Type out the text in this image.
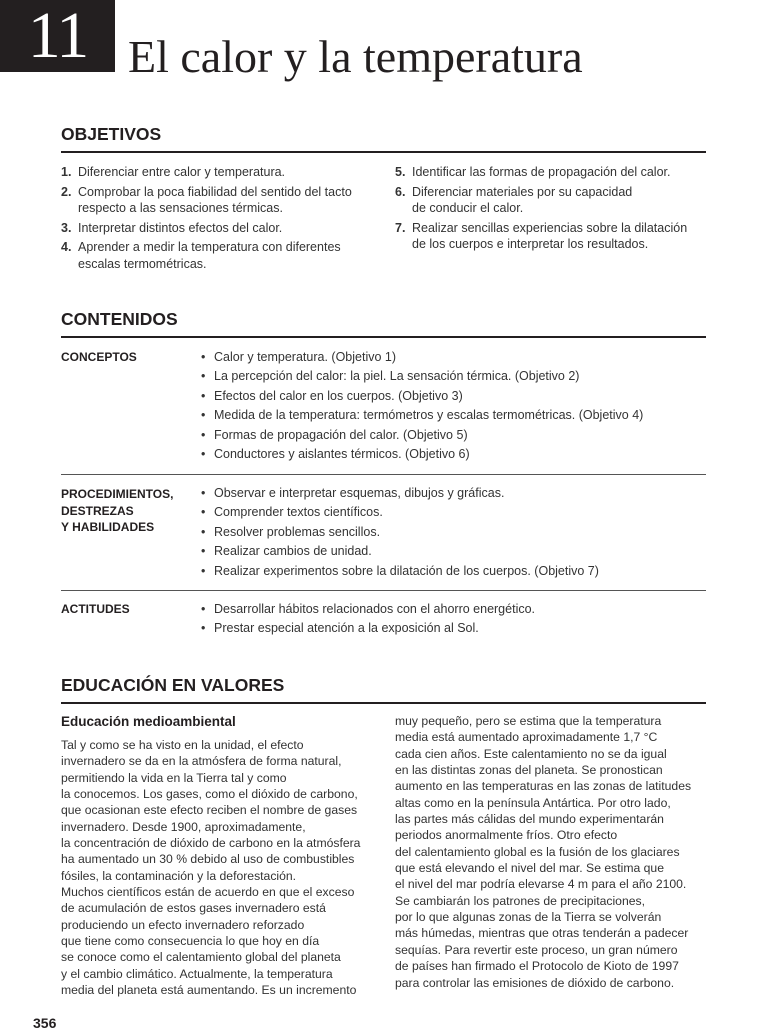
11 El calor y la temperatura
OBJETIVOS
1. Diferenciar entre calor y temperatura.
2. Comprobar la poca fiabilidad del sentido del tacto respecto a las sensaciones térmicas.
3. Interpretar distintos efectos del calor.
4. Aprender a medir la temperatura con diferentes escalas termométricas.
5. Identificar las formas de propagación del calor.
6. Diferenciar materiales por su capacidad de conducir el calor.
7. Realizar sencillas experiencias sobre la dilatación de los cuerpos e interpretar los resultados.
CONTENIDOS
CONCEPTOS	• Calor y temperatura. (Objetivo 1)
• La percepción del calor: la piel. La sensación térmica. (Objetivo 2)
• Efectos del calor en los cuerpos. (Objetivo 3)
• Medida de la temperatura: termómetros y escalas termométricas. (Objetivo 4)
• Formas de propagación del calor. (Objetivo 5)
• Conductores y aislantes térmicos. (Objetivo 6)
PROCEDIMIENTOS,
DESTREZAS
Y HABILIDADES
• Observar e interpretar esquemas, dibujos y gráficas.
• Comprender textos científicos.
• Resolver problemas sencillos.
• Realizar cambios de unidad.
• Realizar experimentos sobre la dilatación de los cuerpos. (Objetivo 7)
ACTITUDES	• Desarrollar hábitos relacionados con el ahorro energético.
• Prestar especial atención a la exposición al Sol.
EDUCACIÓN EN VALORES
Educación medioambiental

Tal y como se ha visto en la unidad, el efecto
invernadero se da en la atmósfera de forma natural,
permitiendo la vida en la Tierra tal y como
la conocemos. Los gases, como el dióxido de carbono,
que ocasionan este efecto reciben el nombre de gases
invernadero. Desde 1900, aproximadamente,
la concentración de dióxido de carbono en la atmósfera
ha aumentado un 30 % debido al uso de combustibles
fósiles, la contaminación y la deforestación.
Muchos científicos están de acuerdo en que el exceso
de acumulación de estos gases invernadero está
produciendo un efecto invernadero reforzado
que tiene como consecuencia lo que hoy en día
se conoce como el calentamiento global del planeta
y el cambio climático. Actualmente, la temperatura
media del planeta está aumentando. Es un incremento

muy pequeño, pero se estima que la temperatura
media está aumentado aproximadamente 1,7 °C
cada cien años. Este calentamiento no se da igual
en las distintas zonas del planeta. Se pronostican
aumento en las temperaturas en las zonas de latitudes
altas como en la península Antártica. Por otro lado,
las partes más cálidas del mundo experimentarán
periodos anormalmente fríos. Otro efecto
del calentamiento global es la fusión de los glaciares
que está elevando el nivel del mar. Se estima que
el nivel del mar podría elevarse 4 m para el año 2100.
Se cambiarán los patrones de precipitaciones,
por lo que algunas zonas de la Tierra se volverán
más húmedas, mientras que otras tenderán a padecer
sequías. Para revertir este proceso, un gran número
de países han firmado el Protocolo de Kioto de 1997
para controlar las emisiones de dióxido de carbono.

356
